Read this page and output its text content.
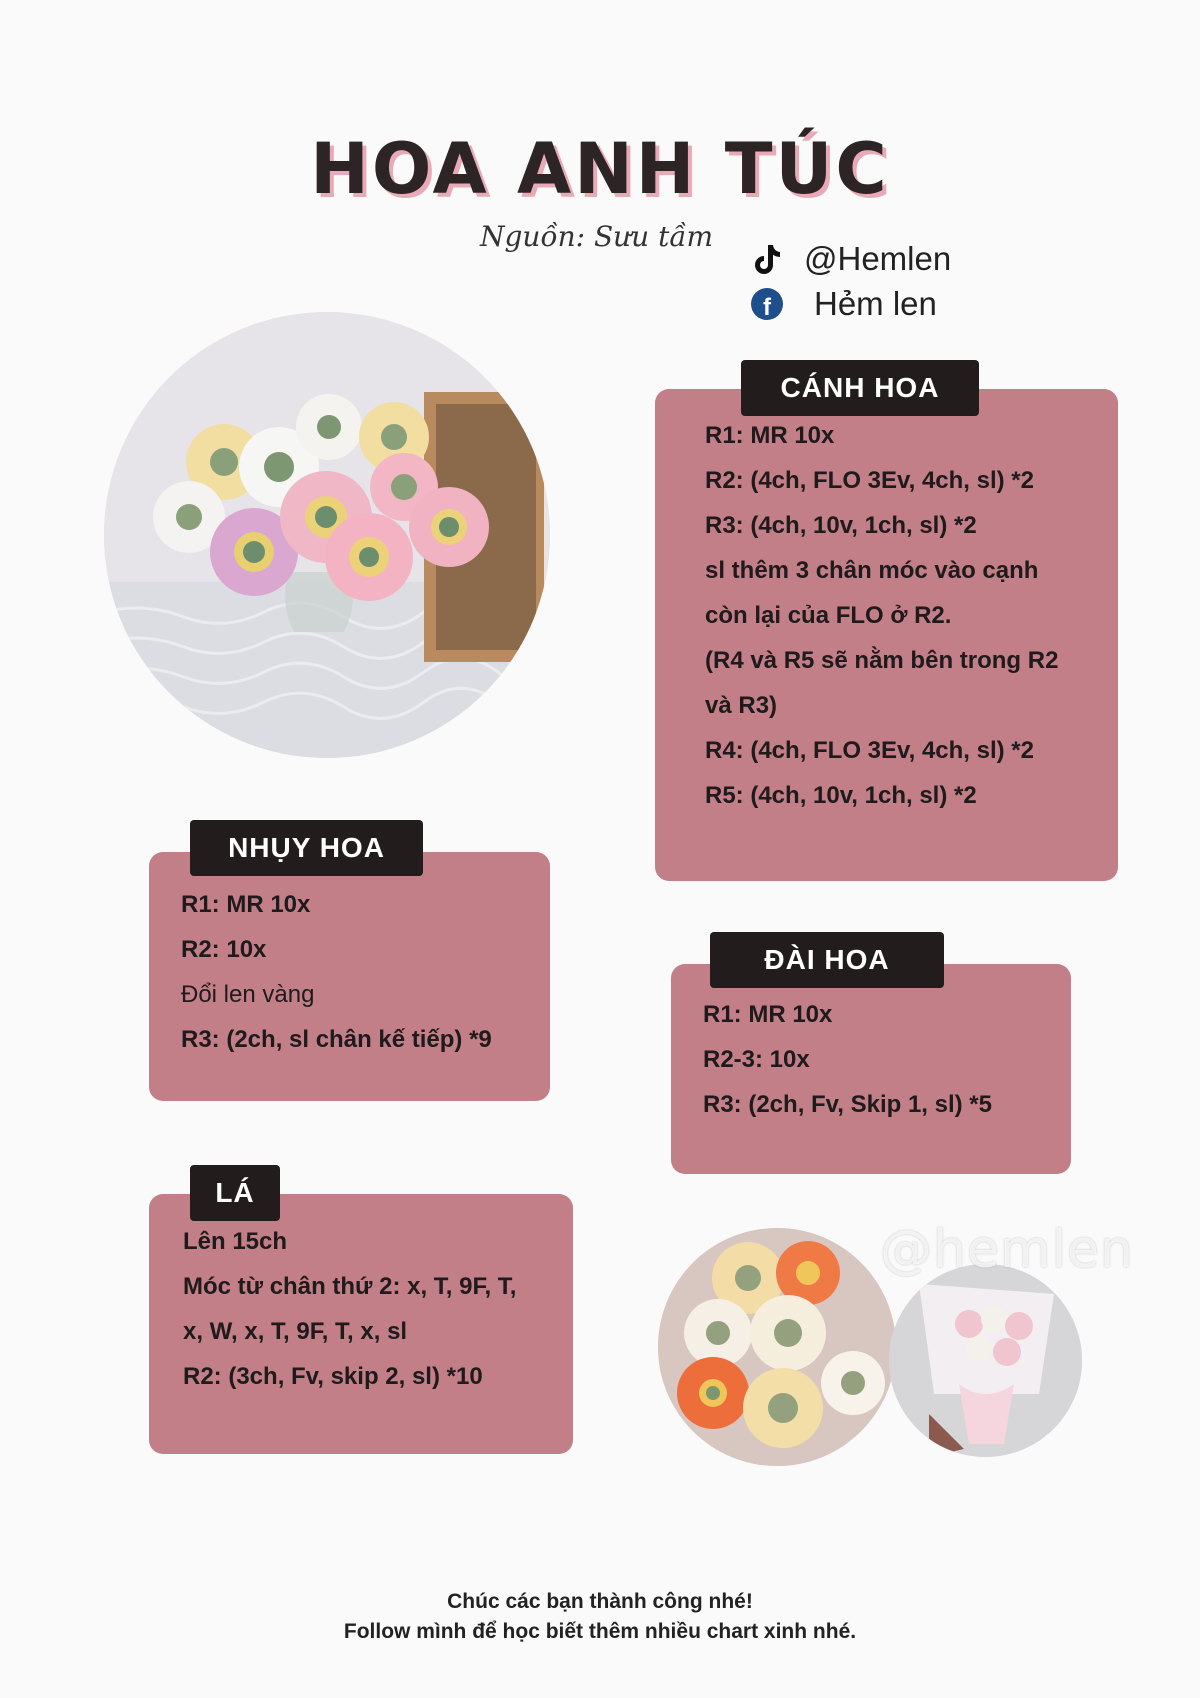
HOA ANH TÚC
Nguồn: Sưu tầm
@Hemlen
f	Hẻm len
R1: MR 10x
R2: (4ch, FLO 3Ev, 4ch, sl) *2
R3: (4ch, 10v, 1ch, sl) *2
sl thêm 3 chân móc vào cạnh
còn lại của FLO ở R2.
(R4 và R5 sẽ nằm bên trong R2
và R3)
R4: (4ch, FLO 3Ev, 4ch, sl) *2
R5: (4ch, 10v, 1ch, sl) *2
CÁNH HOA
R1: MR 10x
R2: 10x
Đổi len vàng
R3: (2ch, sl chân kế tiếp) *9
NHỤY HOA
R1: MR 10x
R2-3: 10x
R3: (2ch, Fv, Skip 1, sl) *5
ĐÀI HOA
Lên 15ch
Móc từ chân thứ 2: x, T, 9F, T,
x, W, x, T, 9F, T, x, sl
R2: (3ch, Fv, skip 2, sl) *10
LÁ
@hemlen
Chúc các bạn thành công nhé!
Follow mình để học biết thêm nhiều chart xinh nhé.
